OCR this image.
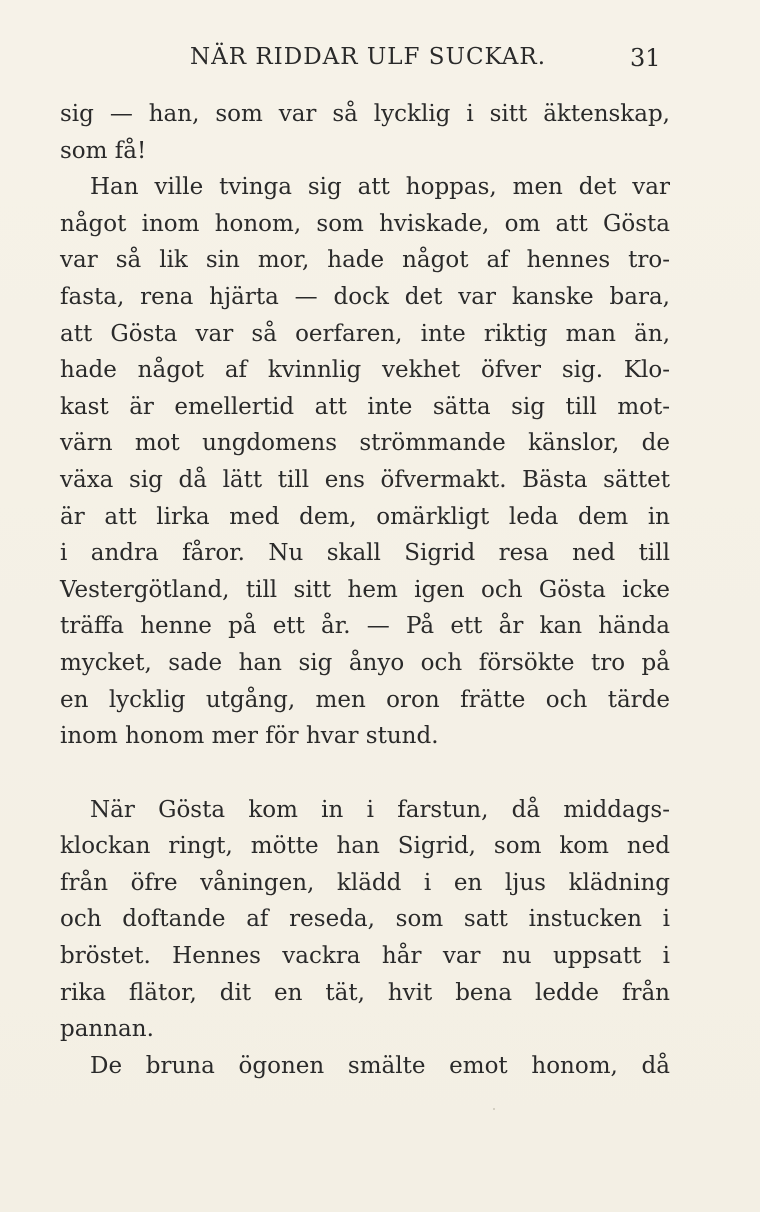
NÄR RIDDAR ULF SUCKAR.	31
sig — han, som var så lycklig i sitt äktenskap,
som få!
Han ville tvinga sig att hoppas, men det var
något inom honom, som hviskade, om att Gösta
var så lik sin mor, hade något af hennes tro-
fasta, rena hjärta — dock det var kanske bara,
att Gösta var så oerfaren, inte riktig man än,
hade något af kvinnlig vekhet öfver sig. Klo-
kast är emellertid att inte sätta sig till mot-
värn mot ungdomens strömmande känslor, de
växa sig då lätt till ens öfvermakt. Bästa sättet
är att lirka med dem, omärkligt leda dem in
i andra fåror. Nu skall Sigrid resa ned till
Vestergötland, till sitt hem igen och Gösta icke
träffa henne på ett år. — På ett år kan hända
mycket, sade han sig ånyo och försökte tro på
en lycklig utgång, men oron frätte och tärde
inom honom mer för hvar stund.
När Gösta kom in i farstun, då middags-
klockan ringt, mötte han Sigrid, som kom ned
från öfre våningen, klädd i en ljus klädning
och doftande af reseda, som satt instucken i
bröstet. Hennes vackra hår var nu uppsatt i
rika flätor, dit en tät, hvit bena ledde från
pannan.
De bruna ögonen smälte emot honom, då
